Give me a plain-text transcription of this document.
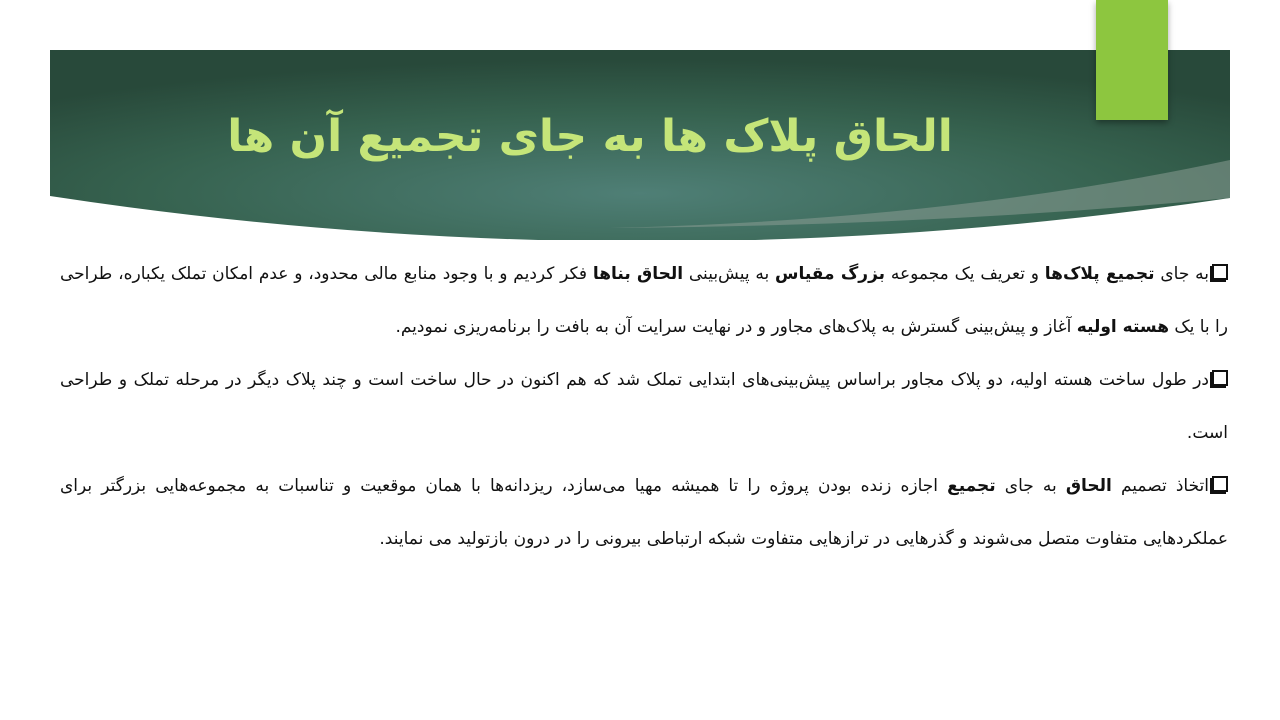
الحاق پلاک ها به جای تجمیع آن ها

به جای تجمیع پلاک‌ها و تعریف یک مجموعه بزرگ مقیاس به پیش‌بینی الحاق بناها فکر کردیم و با وجود منابع مالی محدود، و عدم امکان تملک یکباره، طراحی را با یک هسته اولیه آغاز و پیش‌بینی گسترش به پلاک‌های مجاور و در نهایت سرایت آن به بافت را برنامه‌ریزی نمودیم.

در طول ساخت هسته اولیه، دو پلاک مجاور براساس پیش‌بینی‌های ابتدایی تملک شد که هم اکنون در حال ساخت است و چند پلاک دیگر در مرحله تملک و طراحی است.

اتخاذ تصمیم الحاق به جای تجمیع اجازه زنده بودن پروژه را تا همیشه مهیا می‌سازد، ریزدانه‌ها با همان موقعیت و تناسبات به مجموعه‌هایی بزرگتر برای عملکردهایی متفاوت متصل می‌شوند و گذرهایی در ترازهایی متفاوت شبکه ارتباطی بیرونی را در درون بازتولید می نمایند.
